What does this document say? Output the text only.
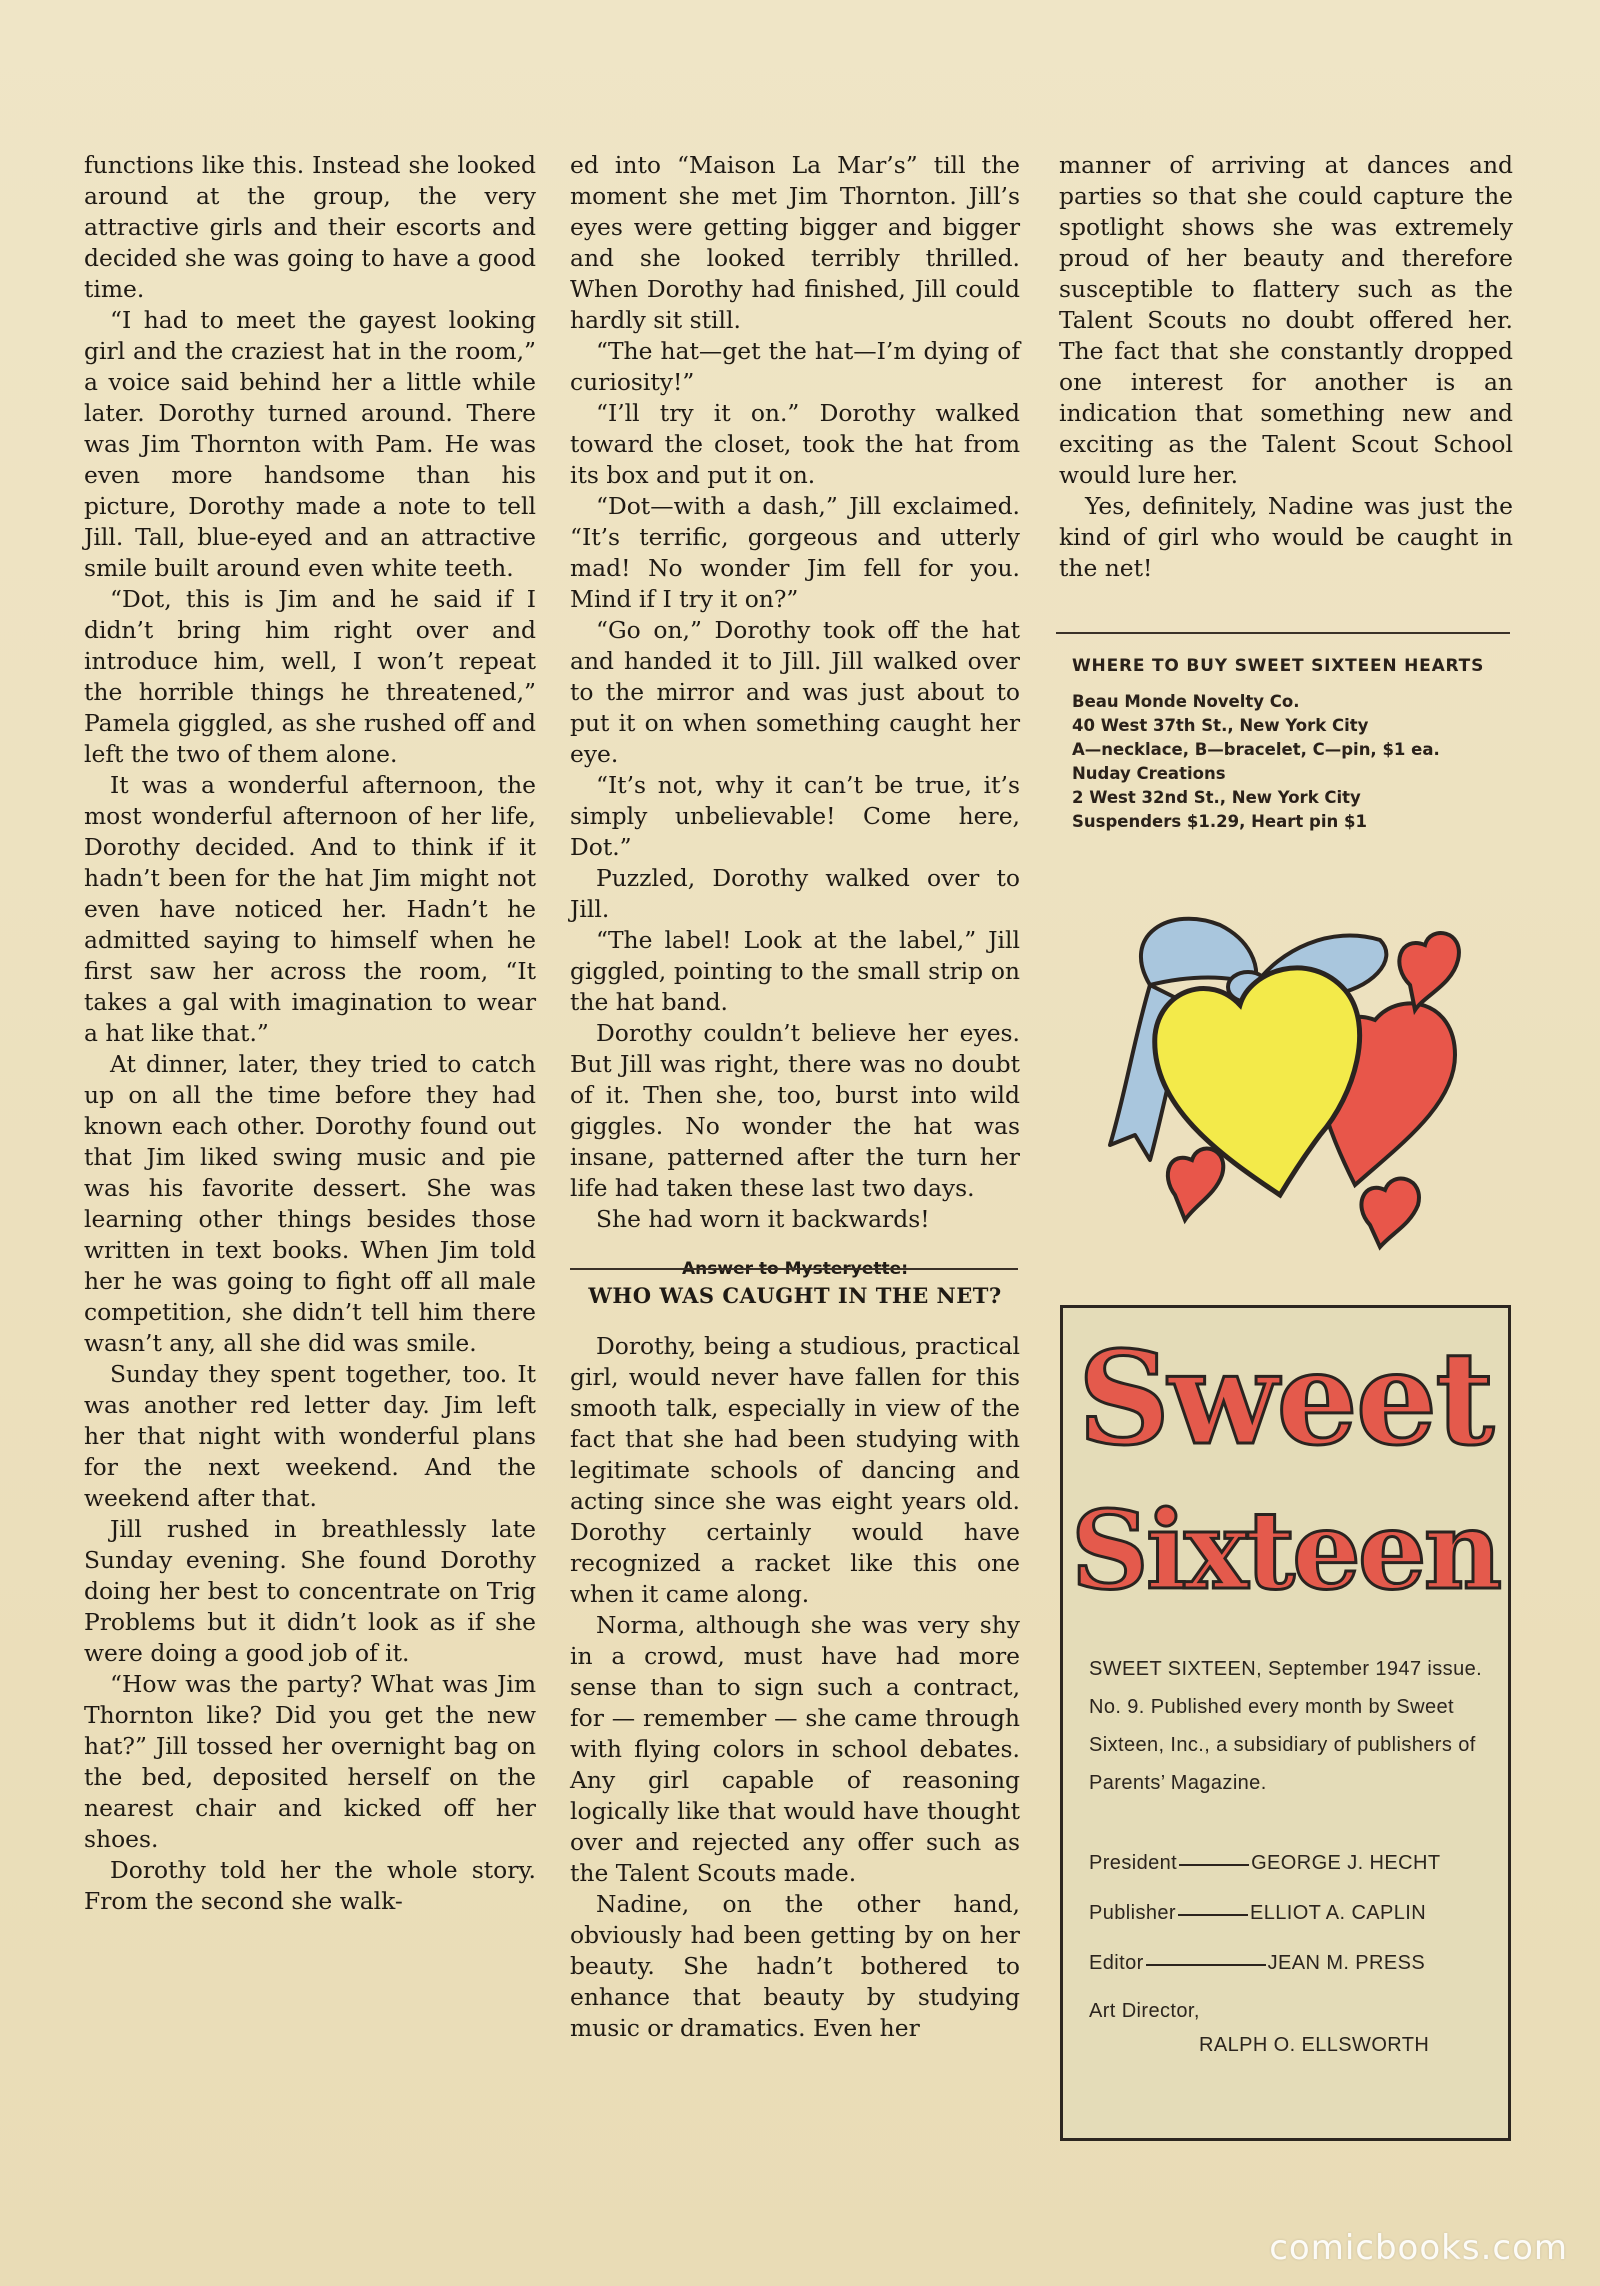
functions like this. Instead she looked around at the group, the very attractive girls and their escorts and decided she was going to have a good time.

“I had to meet the gayest looking girl and the craziest hat in the room,” a voice said behind her a little while later. Dorothy turned around. There was Jim Thornton with Pam. He was even more handsome than his picture, Dorothy made a note to tell Jill. Tall, blue-eyed and an attractive smile built around even white teeth.

“Dot, this is Jim and he said if I didn’t bring him right over and introduce him, well, I won’t repeat the horrible things he threatened,” Pamela giggled, as she rushed off and left the two of them alone.

It was a wonderful afternoon, the most wonderful afternoon of her life, Dorothy decided. And to think if it hadn’t been for the hat Jim might not even have noticed her. Hadn’t he admitted saying to himself when he first saw her across the room, “It takes a gal with imagination to wear a hat like that.”

At dinner, later, they tried to catch up on all the time before they had known each other. Dorothy found out that Jim liked swing music and pie was his favorite dessert. She was learning other things besides those written in text books. When Jim told her he was going to fight off all male competition, she didn’t tell him there wasn’t any, all she did was smile.

Sunday they spent together, too. It was another red letter day. Jim left her that night with wonderful plans for the next weekend. And the weekend after that.

Jill rushed in breathlessly late Sunday evening. She found Dorothy doing her best to concentrate on Trig Problems but it didn’t look as if she were doing a good job of it.

“How was the party? What was Jim Thornton like? Did you get the new hat?” Jill tossed her overnight bag on the bed, deposited herself on the nearest chair and kicked off her shoes.

Dorothy told her the whole story. From the second she walk-

ed into “Maison La Mar’s” till the moment she met Jim Thornton. Jill’s eyes were getting bigger and bigger and she looked terribly thrilled. When Dorothy had finished, Jill could hardly sit still.

“The hat—get the hat—I’m dying of curiosity!”

“I’ll try it on.” Dorothy walked toward the closet, took the hat from its box and put it on.

“Dot—with a dash,” Jill exclaimed. “It’s terrific, gorgeous and utterly mad! No wonder Jim fell for you. Mind if I try it on?”

“Go on,” Dorothy took off the hat and handed it to Jill. Jill walked over to the mirror and was just about to put it on when something caught her eye.

“It’s not, why it can’t be true, it’s simply unbelievable! Come here, Dot.”

Puzzled, Dorothy walked over to Jill.

“The label! Look at the label,” Jill giggled, pointing to the small strip on the hat band.

Dorothy couldn’t believe her eyes. But Jill was right, there was no doubt of it. Then she, too, burst into wild giggles. No wonder the hat was insane, patterned after the turn her life had taken these last two days.

She had worn it backwards!

Answer to Mysteryette:
WHO WAS CAUGHT IN THE NET?

Dorothy, being a studious, practical girl, would never have fallen for this smooth talk, especially in view of the fact that she had been studying with legitimate schools of dancing and acting since she was eight years old. Dorothy certainly would have recognized a racket like this one when it came along.

Norma, although she was very shy in a crowd, must have had more sense than to sign such a contract, for — remember — she came through with flying colors in school debates. Any girl capable of reasoning logically like that would have thought over and rejected any offer such as the Talent Scouts made.

Nadine, on the other hand, obviously had been getting by on her beauty. She hadn’t bothered to enhance that beauty by studying music or dramatics. Even her

manner of arriving at dances and parties so that she could capture the spotlight shows she was extremely proud of her beauty and therefore susceptible to flattery such as the Talent Scouts no doubt offered her. The fact that she constantly dropped one interest for another is an indication that something new and exciting as the Talent Scout School would lure her.

Yes, definitely, Nadine was just the kind of girl who would be caught in the net!

WHERE TO BUY SWEET SIXTEEN HEARTS
Beau Monde Novelty Co.
40 West 37th St., New York City
A—necklace, B—bracelet, C—pin, $1 ea.
Nuday Creations
2 West 32nd St., New York City
Suspenders $1.29, Heart pin $1
Sweet
Sixteen
SWEET SIXTEEN, September 1947 issue. No. 9. Published every month by Sweet Sixteen, Inc., a subsidiary of publishers of Parents’ Magazine.
President	GEORGE J. HECHT
Publisher	ELLIOT A. CAPLIN
Editor	JEAN M. PRESS
Art Director,
RALPH O. ELLSWORTH
comicbooks.com
